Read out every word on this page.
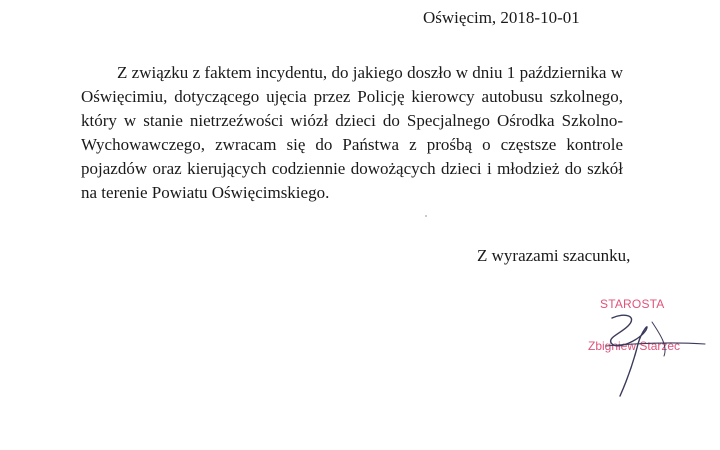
Oświęcim, 2018-10-01

Z związku z faktem incydentu, do jakiego doszło w dniu 1 października w Oświęcimiu, dotyczącego ujęcia przez Policję kierowcy autobusu szkolnego, który w stanie nietrzeźwości wiózł dzieci do Specjalnego Ośrodka Szkolno-Wychowawczego, zwracam się do Państwa z prośbą o częstsze kontrole pojazdów oraz kierujących codziennie dowożących dzieci i młodzież do szkół na terenie Powiatu Oświęcimskiego.

Z wyrazami szacunku,
STAROSTA
Zbigniew Starzec
